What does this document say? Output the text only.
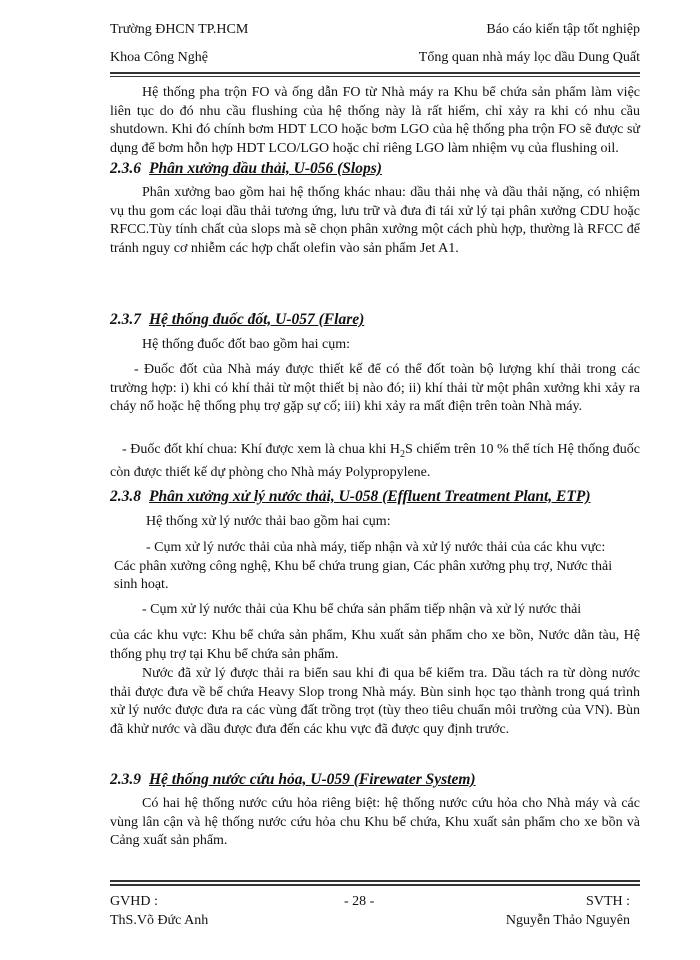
Trường ĐHCN TP.HCM	Báo cáo kiến tập tốt nghiệp
Khoa Công Nghệ	Tổng quan nhà máy lọc dầu Dung Quất
Hệ thống pha trộn FO và ống dẫn FO từ Nhà máy ra Khu bể chứa sản phẩm làm việc liên tục do đó nhu cầu flushing của hệ thống này là rất hiếm, chỉ xảy ra khi có nhu cầu shutdown. Khi đó chính bơm HDT LCO hoặc bơm LGO của hệ thống pha trộn FO sẽ được sử dụng để bơm hỗn hợp HDT LCO/LGO hoặc chỉ riêng LGO làm nhiệm vụ của flushing oil.
2.3.6 Phân xưởng dầu thải, U-056 (Slops)
Phân xưởng bao gồm hai hệ thống khác nhau: dầu thải nhẹ và dầu thải nặng, có nhiệm vụ thu gom các loại dầu thải tương ứng, lưu trữ và đưa đi tái xử lý tại phân xưởng CDU hoặc RFCC.Tùy tính chất của slops mà sẽ chọn phân xưởng một cách phù hợp, thường là RFCC để tránh nguy cơ nhiễm các hợp chất olefin vào sản phẩm Jet A1.
2.3.7 Hệ thống đuốc đốt, U-057 (Flare)
Hệ thống đuốc đốt bao gồm hai cụm:
- Đuốc đốt của Nhà máy được thiết kế để có thể đốt toàn bộ lượng khí thải trong các trường hợp: i) khi có khí thải từ một thiết bị nào đó; ii) khí thải từ một phân xưởng khi xảy ra cháy nổ hoặc hệ thống phụ trợ gặp sự cố; iii) khi xảy ra mất điện trên toàn Nhà máy.
- Đuốc đốt khí chua: Khí được xem là chua khi $H_2S$ chiếm trên 10 % thể tích Hệ thống đuốc còn được thiết kế dự phòng cho Nhà máy Polypropylene.
2.3.8 Phân xưởng xử lý nước thải, U-058 (Effluent Treatment Plant, ETP)
Hệ thống xử lý nước thải bao gồm hai cụm:
- Cụm xử lý nước thải của nhà máy, tiếp nhận và xử lý nước thải của các khu vực: Các phân xưởng công nghệ, Khu bể chứa trung gian, Các phân xưởng phụ trợ, Nước thải sinh hoạt.
- Cụm xử lý nước thải của Khu bể chứa sản phẩm tiếp nhận và xử lý nước thải
của các khu vực: Khu bể chứa sản phẩm, Khu xuất sản phẩm cho xe bồn, Nước dằn tàu, Hệ thống phụ trợ tại Khu bể chứa sản phẩm.
Nước đã xử lý được thải ra biển sau khi đi qua bể kiểm tra. Dầu tách ra từ dòng nước thải được đưa về bể chứa Heavy Slop trong Nhà máy. Bùn sinh học tạo thành trong quá trình xử lý nước được đưa ra các vùng đất trồng trọt (tùy theo tiêu chuẩn môi trường của VN). Bùn đã khử nước và dầu được đưa đến các khu vực đã được quy định trước.
2.3.9 Hệ thống nước cứu hỏa, U-059 (Firewater System)
Có hai hệ thống nước cứu hỏa riêng biệt: hệ thống nước cứu hỏa cho Nhà máy và các vùng lân cận và hệ thống nước cứu hỏa chu Khu bể chứa, Khu xuất sản phẩm cho xe bồn và Cảng xuất sản phẩm.
GVHD :
ThS.Võ Đức Anh
- 28 -	SVTH :
Nguyễn Thảo Nguyên
